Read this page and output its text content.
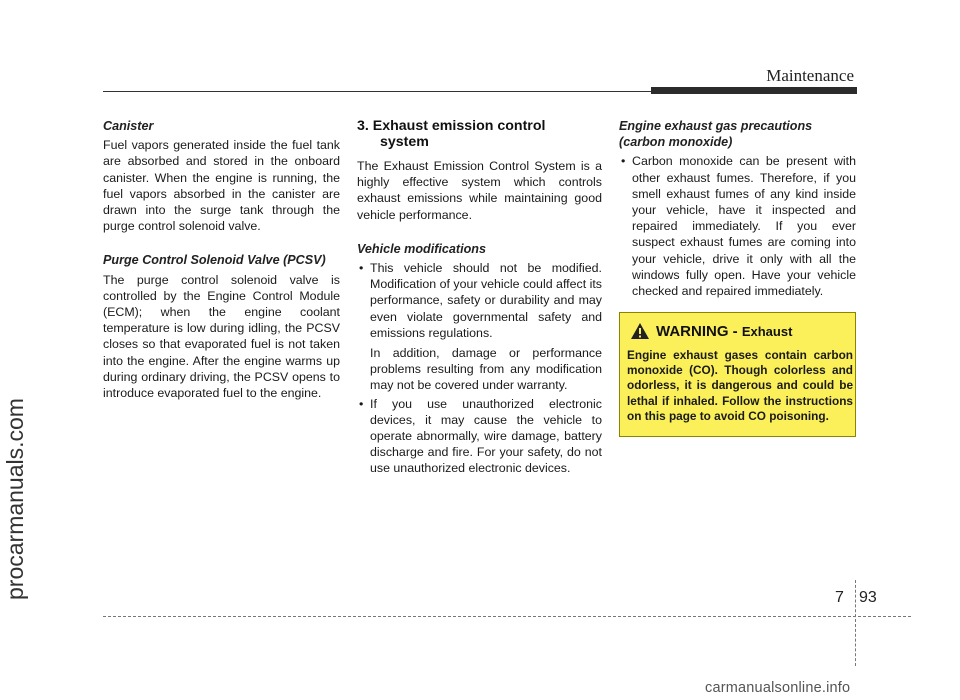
Maintenance
procarmanuals.com
Canister

Fuel vapors generated inside the fuel tank are absorbed and stored in the onboard canister. When the engine is running, the fuel vapors absorbed in the canister are drawn into the surge tank through the purge control solenoid valve.

Purge Control Solenoid Valve (PCSV)

The purge control solenoid valve is controlled by the Engine Control Module (ECM); when the engine coolant temperature is low during idling, the PCSV closes so that evaporated fuel is not taken into the engine. After the engine warms up during ordinary driving, the PCSV opens to introduce evaporated fuel to the engine.

3. Exhaust emission control
system

The Exhaust Emission Control System is a highly effective system which controls exhaust emissions while maintaining good vehicle performance.

Vehicle modifications
• This vehicle should not be modified. Modification of your vehicle could affect its performance, safety or durability and may even violate governmental safety and emissions regulations.
In addition, damage or performance problems resulting from any modification may not be covered under warranty.
• If you use unauthorized electronic devices, it may cause the vehicle to operate abnormally, wire damage, battery discharge and fire. For your safety, do not use unauthorized electronic devices.
Engine exhaust gas precautions (carbon monoxide)
• Carbon monoxide can be present with other exhaust fumes. Therefore, if you smell exhaust fumes of any kind inside your vehicle, have it inspected and repaired immediately. If you ever suspect exhaust fumes are coming into your vehicle, drive it only with all the windows fully open. Have your vehicle checked and repaired immediately.
WARNING - Exhaust
Engine exhaust gases contain carbon monoxide (CO). Though colorless and odorless, it is dangerous and could be lethal if inhaled. Follow the instructions on this page to avoid CO poisoning.
7 93
carmanualsonline.info
